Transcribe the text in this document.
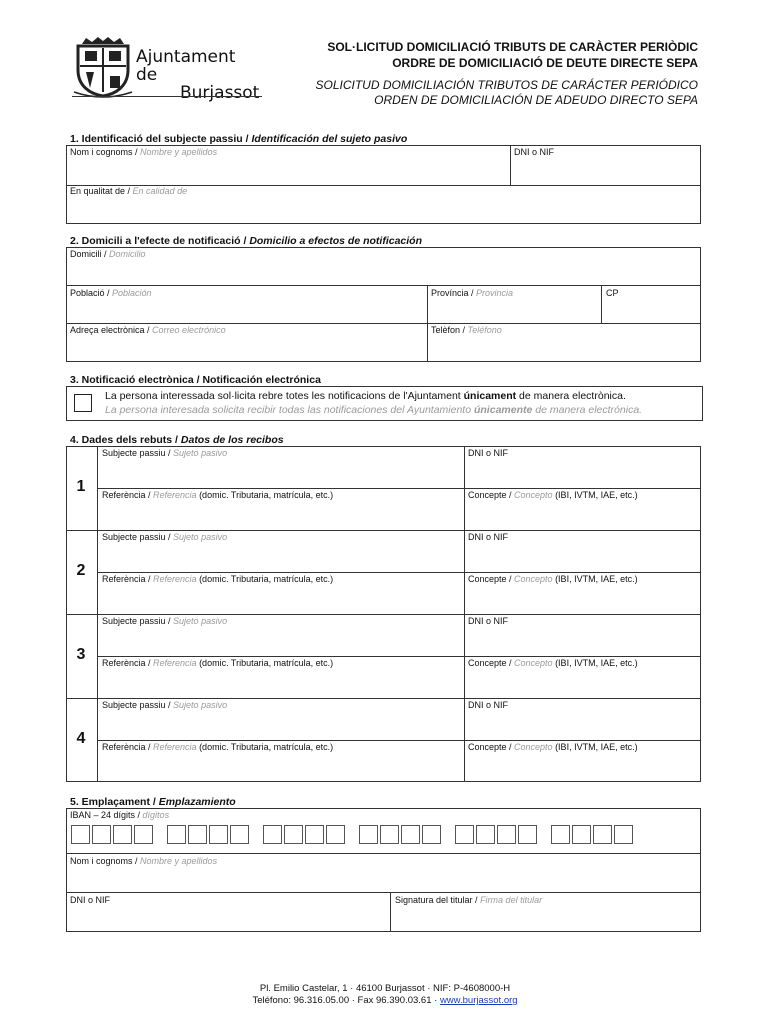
Ajuntament de
Burjassot
SOL·LICITUD DOMICILIACIÓ TRIBUTS DE CARÀCTER PERIÒDIC
ORDRE DE DOMICILIACIÓ DE DEUTE DIRECTE SEPA
SOLICITUD DOMICILIACIÓN TRIBUTOS DE CARÁCTER PERIÓDICO
ORDEN DE DOMICILIACIÓN DE ADEUDO DIRECTO SEPA
1. Identificació del subjecte passiu / Identificación del sujeto pasivo
Nom i cognoms / Nombre y apellidos	DNI o NIF
En qualitat de / En calidad de
2. Domicili a l'efecte de notificació / Domicilio a efectos de notificación
Domicili / Domicilio
Població / Población	Província / Provincia	CP
Adreça electrònica / Correo electrónico	Telèfon / Teléfono
3. Notificació electrònica / Notificación electrónica
La persona interessada sol·licita rebre totes les notificacions de l'Ajuntament únicament de manera electrònica.
La persona interesada solicita recibir todas las notificaciones del Ayuntamiento únicamente de manera electrónica.
4. Dades dels rebuts / Datos de los recibos
1
Subjecte passiu / Sujeto pasivo	DNI o NIF
Referència / Referencia (domic. Tributaria, matrícula, etc.)	Concepte / Concepto (IBI, IVTM, IAE, etc.)
2
Subjecte passiu / Sujeto pasivo	DNI o NIF
Referència / Referencia (domic. Tributaria, matrícula, etc.)	Concepte / Concepto (IBI, IVTM, IAE, etc.)
3
Subjecte passiu / Sujeto pasivo	DNI o NIF
Referència / Referencia (domic. Tributaria, matrícula, etc.)	Concepte / Concepto (IBI, IVTM, IAE, etc.)
4
Subjecte passiu / Sujeto pasivo	DNI o NIF
Referència / Referencia (domic. Tributaria, matrícula, etc.)	Concepte / Concepto (IBI, IVTM, IAE, etc.)
5. Emplaçament / Emplazamiento
IBAN – 24 dígits / dígitos
Nom i cognoms / Nombre y apellidos
DNI o NIF	Signatura del titular / Firma del titular
Pl. Emilio Castelar, 1 · 46100 Burjassot · NIF: P-4608000-H
Teléfono: 96.316.05.00 · Fax 96.390.03.61 · www.burjassot.org
